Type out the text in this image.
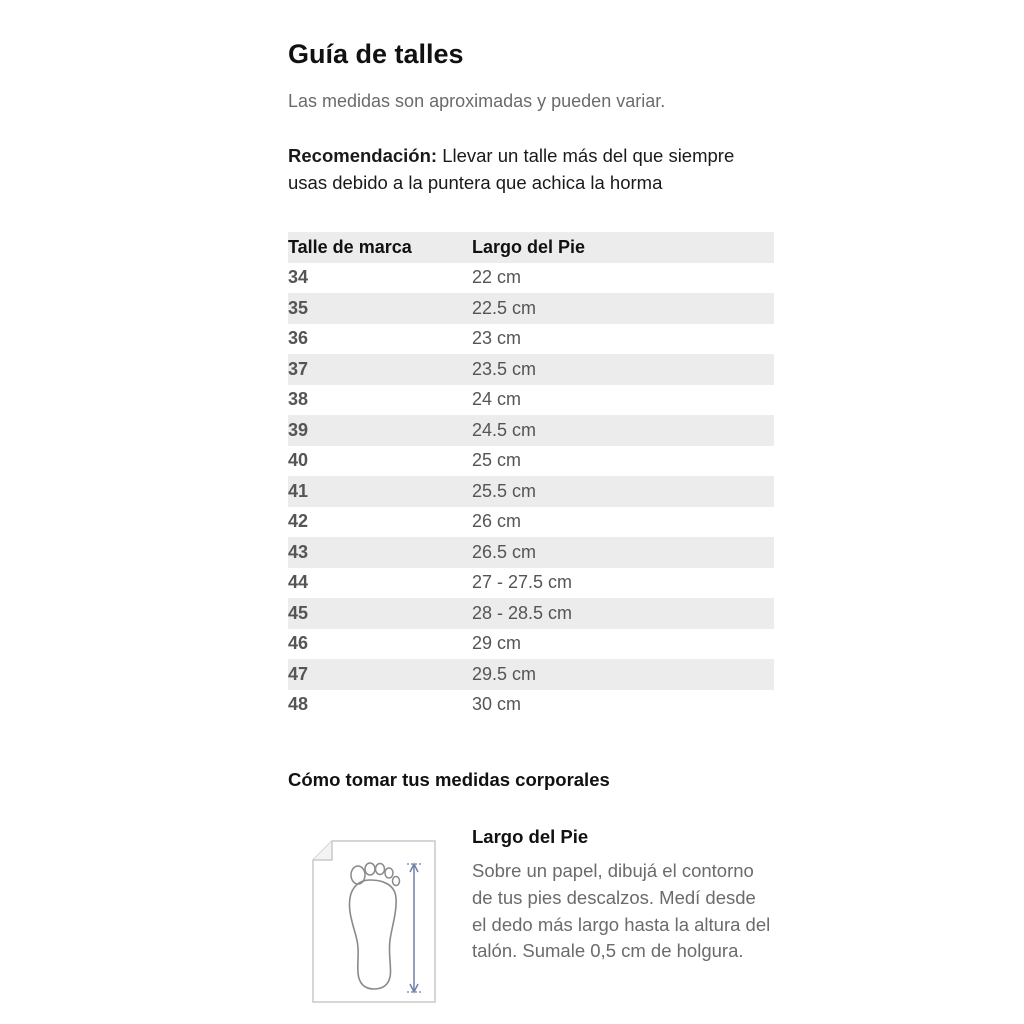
Guía de talles
Las medidas son aproximadas y pueden variar.
Recomendación: Llevar un talle más del que siempre usas debido a la puntera que achica la horma
Talle de marca	Largo del Pie
34	22 cm
35	22.5 cm
36	23 cm
37	23.5 cm
38	24 cm
39	24.5 cm
40	25 cm
41	25.5 cm
42	26 cm
43	26.5 cm
44	27 - 27.5 cm
45	28 - 28.5 cm
46	29 cm
47	29.5 cm
48	30 cm
Cómo tomar tus medidas corporales
Largo del Pie
Sobre un papel, dibujá el contorno de tus pies descalzos. Medí desde el dedo más largo hasta la altura del talón. Sumale 0,5 cm de holgura.
